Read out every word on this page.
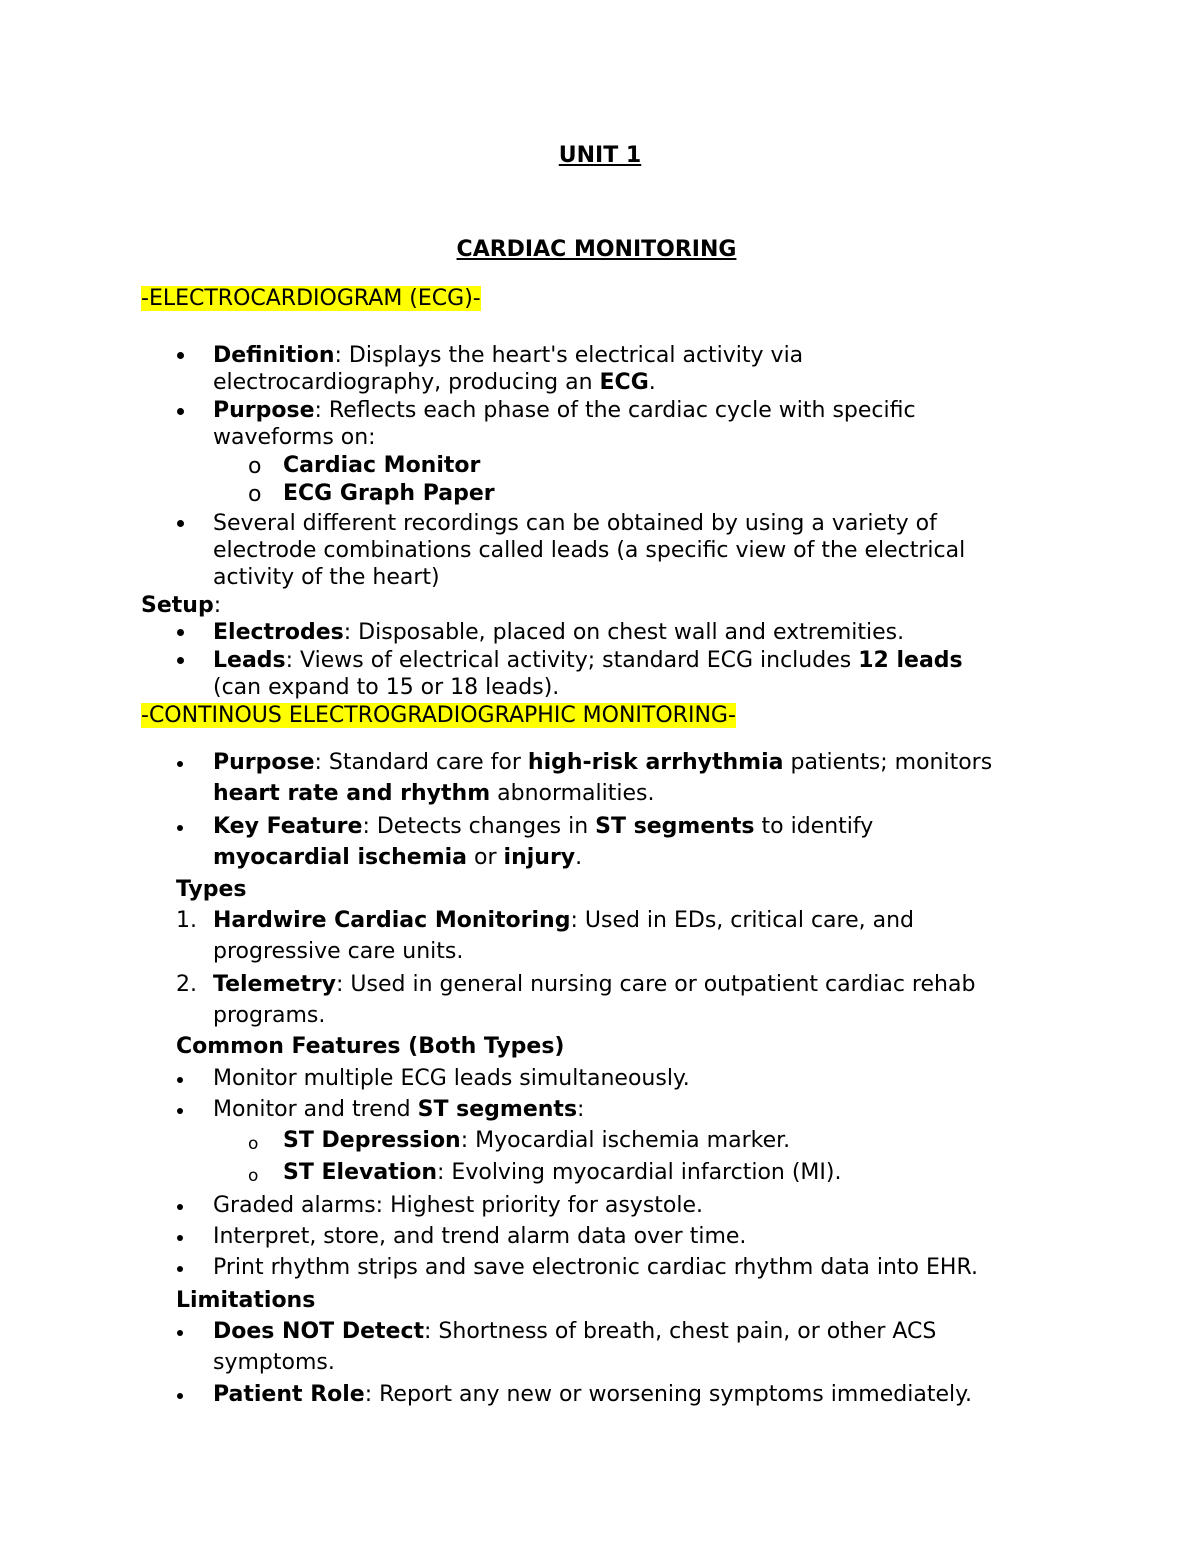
UNIT 1
CARDIAC MONITORING
-ELECTROCARDIOGRAM (ECG)-
Definition: Displays the heart's electrical activity via
electrocardiography, producing an ECG.
Purpose: Reflects each phase of the cardiac cycle with specific
waveforms on:
o Cardiac Monitor
o ECG Graph Paper
Several different recordings can be obtained by using a variety of
electrode combinations called leads (a specific view of the electrical
activity of the heart)
Setup:
Electrodes: Disposable, placed on chest wall and extremities.
Leads: Views of electrical activity; standard ECG includes 12 leads
(can expand to 15 or 18 leads).
-CONTINOUS ELECTROGRADIOGRAPHIC MONITORING-
Purpose: Standard care for high-risk arrhythmia patients; monitors
heart rate and rhythm abnormalities.
Key Feature: Detects changes in ST segments to identify
myocardial ischemia or injury.
Types
1. Hardwire Cardiac Monitoring: Used in EDs, critical care, and
progressive care units.
2. Telemetry: Used in general nursing care or outpatient cardiac rehab
programs.
Common Features (Both Types)
Monitor multiple ECG leads simultaneously.
Monitor and trend ST segments:
o ST Depression: Myocardial ischemia marker.
o ST Elevation: Evolving myocardial infarction (MI).
Graded alarms: Highest priority for asystole.
Interpret, store, and trend alarm data over time.
Print rhythm strips and save electronic cardiac rhythm data into EHR.
Limitations
Does NOT Detect: Shortness of breath, chest pain, or other ACS
symptoms.
Patient Role: Report any new or worsening symptoms immediately.
